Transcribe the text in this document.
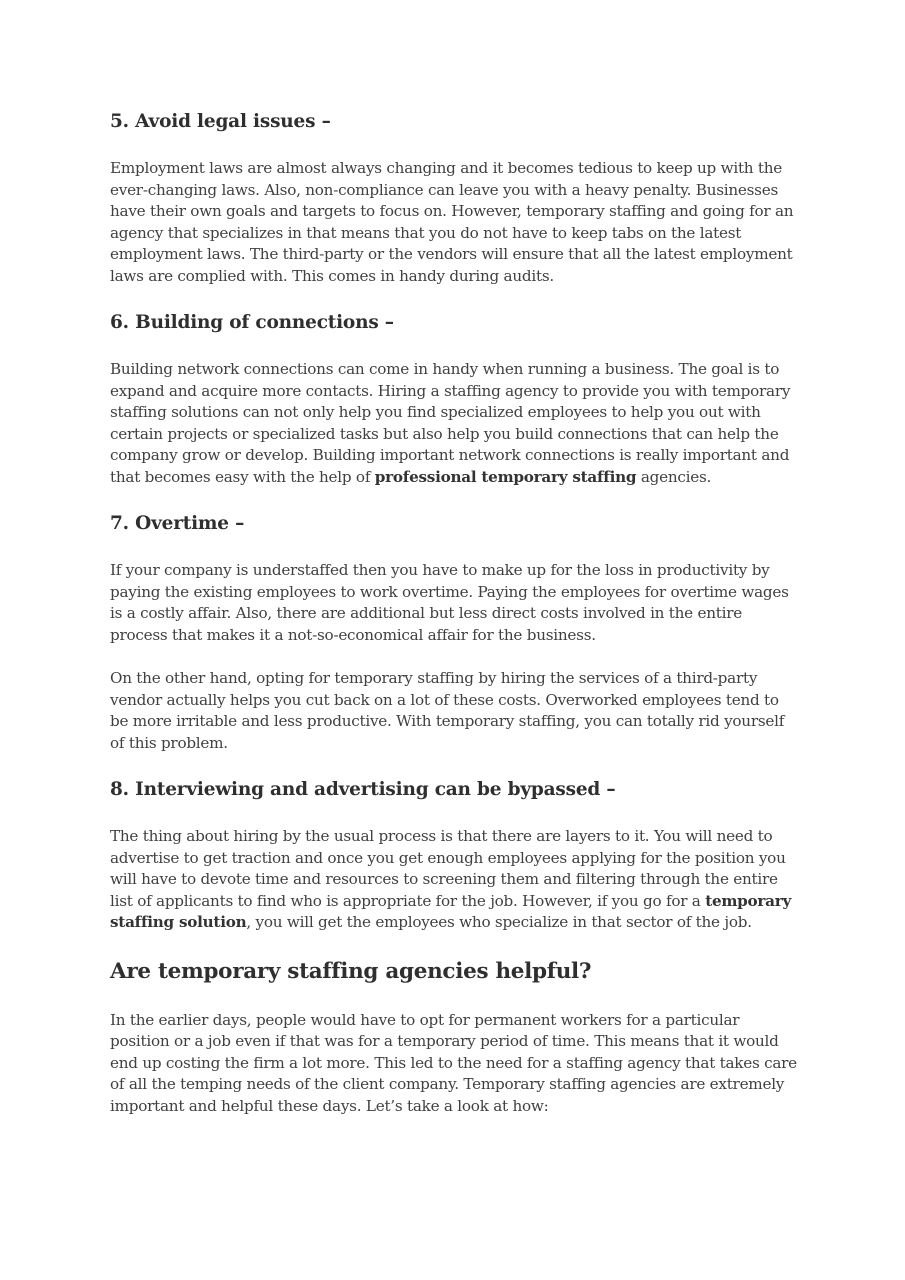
5. Avoid legal issues –

Employment laws are almost always changing and it becomes tedious to keep up with the ever-changing laws. Also, non-compliance can leave you with a heavy penalty. Businesses have their own goals and targets to focus on. However, temporary staffing and going for an agency that specializes in that means that you do not have to keep tabs on the latest employment laws. The third-party or the vendors will ensure that all the latest employment laws are complied with. This comes in handy during audits.

6. Building of connections –

Building network connections can come in handy when running a business. The goal is to expand and acquire more contacts. Hiring a staffing agency to provide you with temporary staffing solutions can not only help you find specialized employees to help you out with certain projects or specialized tasks but also help you build connections that can help the company grow or develop. Building important network connections is really important and that becomes easy with the help of professional temporary staffing agencies.

7. Overtime –

If your company is understaffed then you have to make up for the loss in productivity by paying the existing employees to work overtime. Paying the employees for overtime wages is a costly affair. Also, there are additional but less direct costs involved in the entire process that makes it a not-so-economical affair for the business.

On the other hand, opting for temporary staffing by hiring the services of a third-party vendor actually helps you cut back on a lot of these costs. Overworked employees tend to be more irritable and less productive. With temporary staffing, you can totally rid yourself of this problem.

8. Interviewing and advertising can be bypassed –

The thing about hiring by the usual process is that there are layers to it. You will need to advertise to get traction and once you get enough employees applying for the position you will have to devote time and resources to screening them and filtering through the entire list of applicants to find who is appropriate for the job. However, if you go for a temporary staffing solution, you will get the employees who specialize in that sector of the job.

Are temporary staffing agencies helpful?

In the earlier days, people would have to opt for permanent workers for a particular position or a job even if that was for a temporary period of time. This means that it would end up costing the firm a lot more. This led to the need for a staffing agency that takes care of all the temping needs of the client company. Temporary staffing agencies are extremely important and helpful these days. Let’s take a look at how:
